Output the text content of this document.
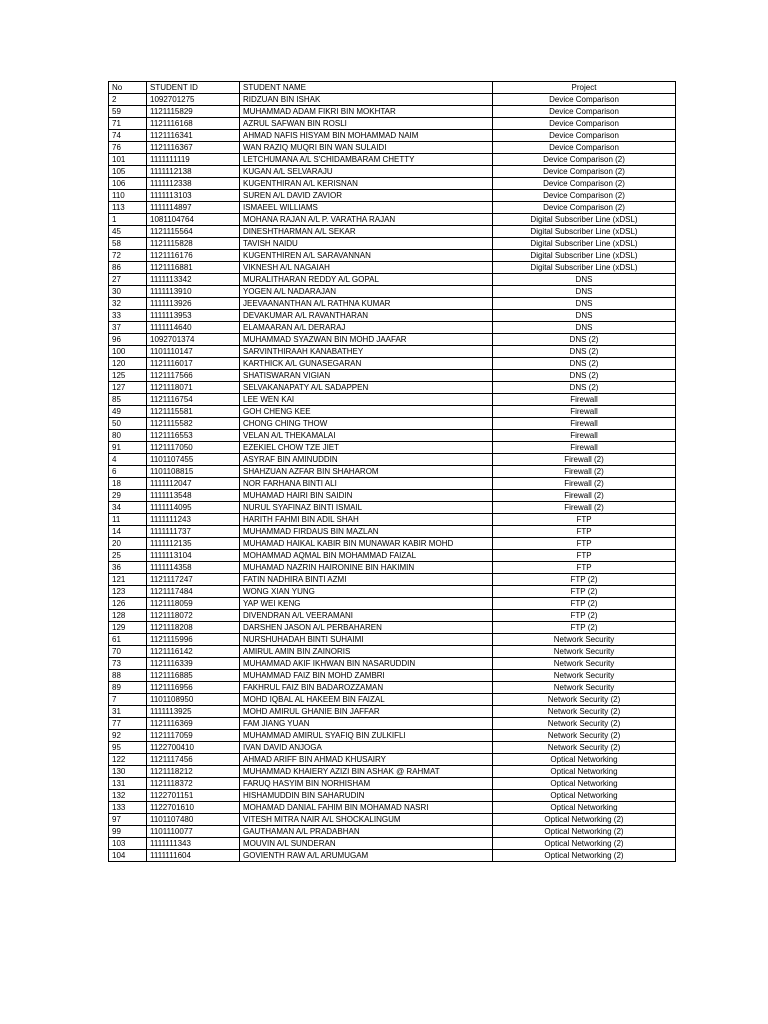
No	STUDENT ID	STUDENT NAME	Project
2	1092701275	RIDZUAN BIN ISHAK	Device Comparison
59	1121115829	MUHAMMAD ADAM FIKRI BIN MOKHTAR	Device Comparison
71	1121116168	AZRUL SAFWAN BIN ROSLI	Device Comparison
74	1121116341	AHMAD NAFIS HISYAM BIN MOHAMMAD NAIM	Device Comparison
76	1121116367	WAN RAZIQ MUQRI BIN WAN SULAIDI	Device Comparison
101	1111111119	LETCHUMANA A/L S'CHIDAMBARAM CHETTY	Device Comparison (2)
105	1111112138	KUGAN A/L SELVARAJU	Device Comparison (2)
106	1111112338	KUGENTHIRAN A/L KERISNAN	Device Comparison (2)
110	1111113103	SUREN A/L DAVID ZAVIOR	Device Comparison (2)
113	1111114897	ISMAEEL WILLIAMS	Device Comparison (2)
1	1081104764	MOHANA RAJAN A/L P. VARATHA RAJAN	Digital Subscriber Line (xDSL)
45	1121115564	DINESHTHARMAN A/L SEKAR	Digital Subscriber Line (xDSL)
58	1121115828	TAVISH NAIDU	Digital Subscriber Line (xDSL)
72	1121116176	KUGENTHIREN A/L SARAVANNAN	Digital Subscriber Line (xDSL)
86	1121116881	VIKNESH A/L NAGAIAH	Digital Subscriber Line (xDSL)
27	1111113342	MURALITHARAN REDDY A/L GOPAL	DNS
30	1111113910	YOGEN A/L NADARAJAN	DNS
32	1111113926	JEEVAANANTHAN A/L RATHNA KUMAR	DNS
33	1111113953	DEVAKUMAR A/L RAVANTHARAN	DNS
37	1111114640	ELAMAARAN A/L DERARAJ	DNS
96	1092701374	MUHAMMAD SYAZWAN BIN MOHD JAAFAR	DNS (2)
100	1101110147	SARVINTHIRAAH KANABATHEY	DNS (2)
120	1121116017	KARTHICK A/L GUNASEGARAN	DNS (2)
125	1121117566	SHATISWARAN VIGIAN	DNS (2)
127	1121118071	SELVAKANAPATY A/L SADAPPEN	DNS (2)
85	1121116754	LEE WEN KAI	Firewall
49	1121115581	GOH CHENG KEE	Firewall
50	1121115582	CHONG CHING THOW	Firewall
80	1121116553	VELAN A/L THEKAMALAI	Firewall
91	1121117050	EZEKIEL CHOW TZE JIET	Firewall
4	1101107455	ASYRAF BIN AMINUDDIN	Firewall (2)
6	1101108815	SHAHZUAN AZFAR BIN SHAHAROM	Firewall (2)
18	1111112047	NOR FARHANA BINTI ALI	Firewall (2)
29	1111113548	MUHAMAD HAIRI BIN SAIDIN	Firewall (2)
34	1111114095	NURUL SYAFINAZ BINTI ISMAIL	Firewall (2)
11	1111111243	HARITH FAHMI BIN ADIL SHAH	FTP
14	1111111737	MUHAMMAD FIRDAUS BIN MAZLAN	FTP
20	1111112135	MUHAMAD HAIKAL KABIR BIN MUNAWAR KABIR MOHD	FTP
25	1111113104	MOHAMMAD AQMAL BIN MOHAMMAD FAIZAL	FTP
36	1111114358	MUHAMAD NAZRIN HAIRONINE BIN HAKIMIN	FTP
121	1121117247	FATIN NADHIRA BINTI AZMI	FTP (2)
123	1121117484	WONG XIAN YUNG	FTP (2)
126	1121118059	YAP WEI KENG	FTP (2)
128	1121118072	DIVENDRAN A/L VEERAMANI	FTP (2)
129	1121118208	DARSHEN JASON A/L PERBAHAREN	FTP (2)
61	1121115996	NURSHUHADAH BINTI SUHAIMI	Network Security
70	1121116142	AMIRUL AMIN BIN ZAINORIS	Network Security
73	1121116339	MUHAMMAD AKIF IKHWAN BIN NASARUDDIN	Network Security
88	1121116885	MUHAMMAD FAIZ BIN MOHD ZAMBRI	Network Security
89	1121116956	FAKHRUL FAIZ BIN BADAROZZAMAN	Network Security
7	1101108950	MOHD IQBAL AL HAKEEM BIN FAIZAL	Network Security (2)
31	1111113925	MOHD AMIRUL GHANIE BIN JAFFAR	Network Security (2)
77	1121116369	FAM JIANG YUAN	Network Security (2)
92	1121117059	MUHAMMAD AMIRUL SYAFIQ BIN ZULKIFLI	Network Security (2)
95	1122700410	IVAN DAVID ANJOGA	Network Security (2)
122	1121117456	AHMAD ARIFF BIN AHMAD KHUSAIRY	Optical Networking
130	1121118212	MUHAMMAD KHAIERY AZIZI BIN ASHAK @ RAHMAT	Optical Networking
131	1121118372	FARUQ HASYIM BIN NORHISHAM	Optical Networking
132	1122701151	HISHAMUDDIN BIN SAHARUDIN	Optical Networking
133	1122701610	MOHAMAD DANIAL FAHIM BIN MOHAMAD NASRI	Optical Networking
97	1101107480	VITESH MITRA NAIR A/L SHOCKALINGUM	Optical Networking (2)
99	1101110077	GAUTHAMAN A/L PRADABHAN	Optical Networking (2)
103	1111111343	MOUVIN A/L SUNDERAN	Optical Networking (2)
104	1111111604	GOVIENTH RAW A/L ARUMUGAM	Optical Networking (2)
